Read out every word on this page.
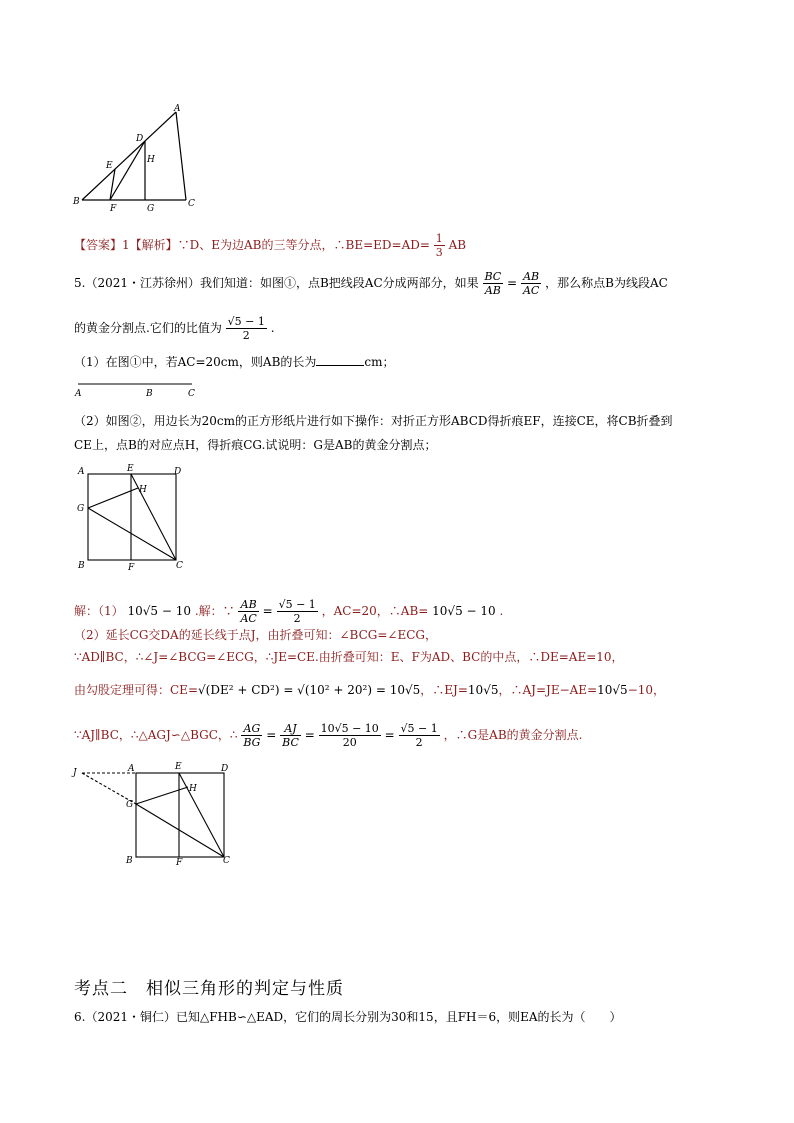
A
D
H
E
B
F	G	C
【答案】1【解析】∵D、E为边AB的三等分点，∴BE=ED=AD= $\frac{1}{3}$ AB
5.（2021・江苏徐州）我们知道：如图①，点B把线段AC分成两部分，如果 $\frac{BC}{AB} = \frac{AB}{AC}$ ，那么称点B为线段AC
的黄金分割点.它们的比值为 $\frac{√5 - 1}{2}$ .
（1）在图①中，若AC=20cm，则AB的长为	cm；
A	B	C
（2）如图②，用边长为20cm的正方形纸片进行如下操作：对折正方形ABCD得折痕EF，连接CE，将CB折叠到
CE上，点B的对应点H，得折痕CG.试说明：G是AB的黄金分割点；
A	E	D
H
G
B	F	C
解：（1） 10√5 − 10 .解：∵ $\frac{AB}{AC} = \frac{√5 - 1}{2}$ ，AC=20，∴AB= 10√5 − 10 .
（2）延长CG交DA的延长线于点J，由折叠可知：∠BCG=∠ECG，
∵AD∥BC，∴∠J=∠BCG=∠ECG，∴JE=CE.由折叠可知：E、F为AD、BC的中点，∴DE=AE=10，
由勾股定理可得：CE=√(DE² + CD²) = √(10² + 20²) = 10√5，∴EJ=10√5，∴AJ=JE−AE=10√5−10，
∵AJ∥BC，∴△AGJ∽△BGC，∴ $\frac{AG}{BG} = \frac{AJ}{BC} = \frac{10√5 - 10}{20} = \frac{√5 - 1}{2}$ ，∴G是AB的黄金分割点.
J	A	E	D
H
G
B	F	C
考点二　相似三角形的判定与性质
6.（2021・铜仁）已知△FHB∽△EAD，它们的周长分别为30和15，且FH＝6，则EA的长为（　　）
